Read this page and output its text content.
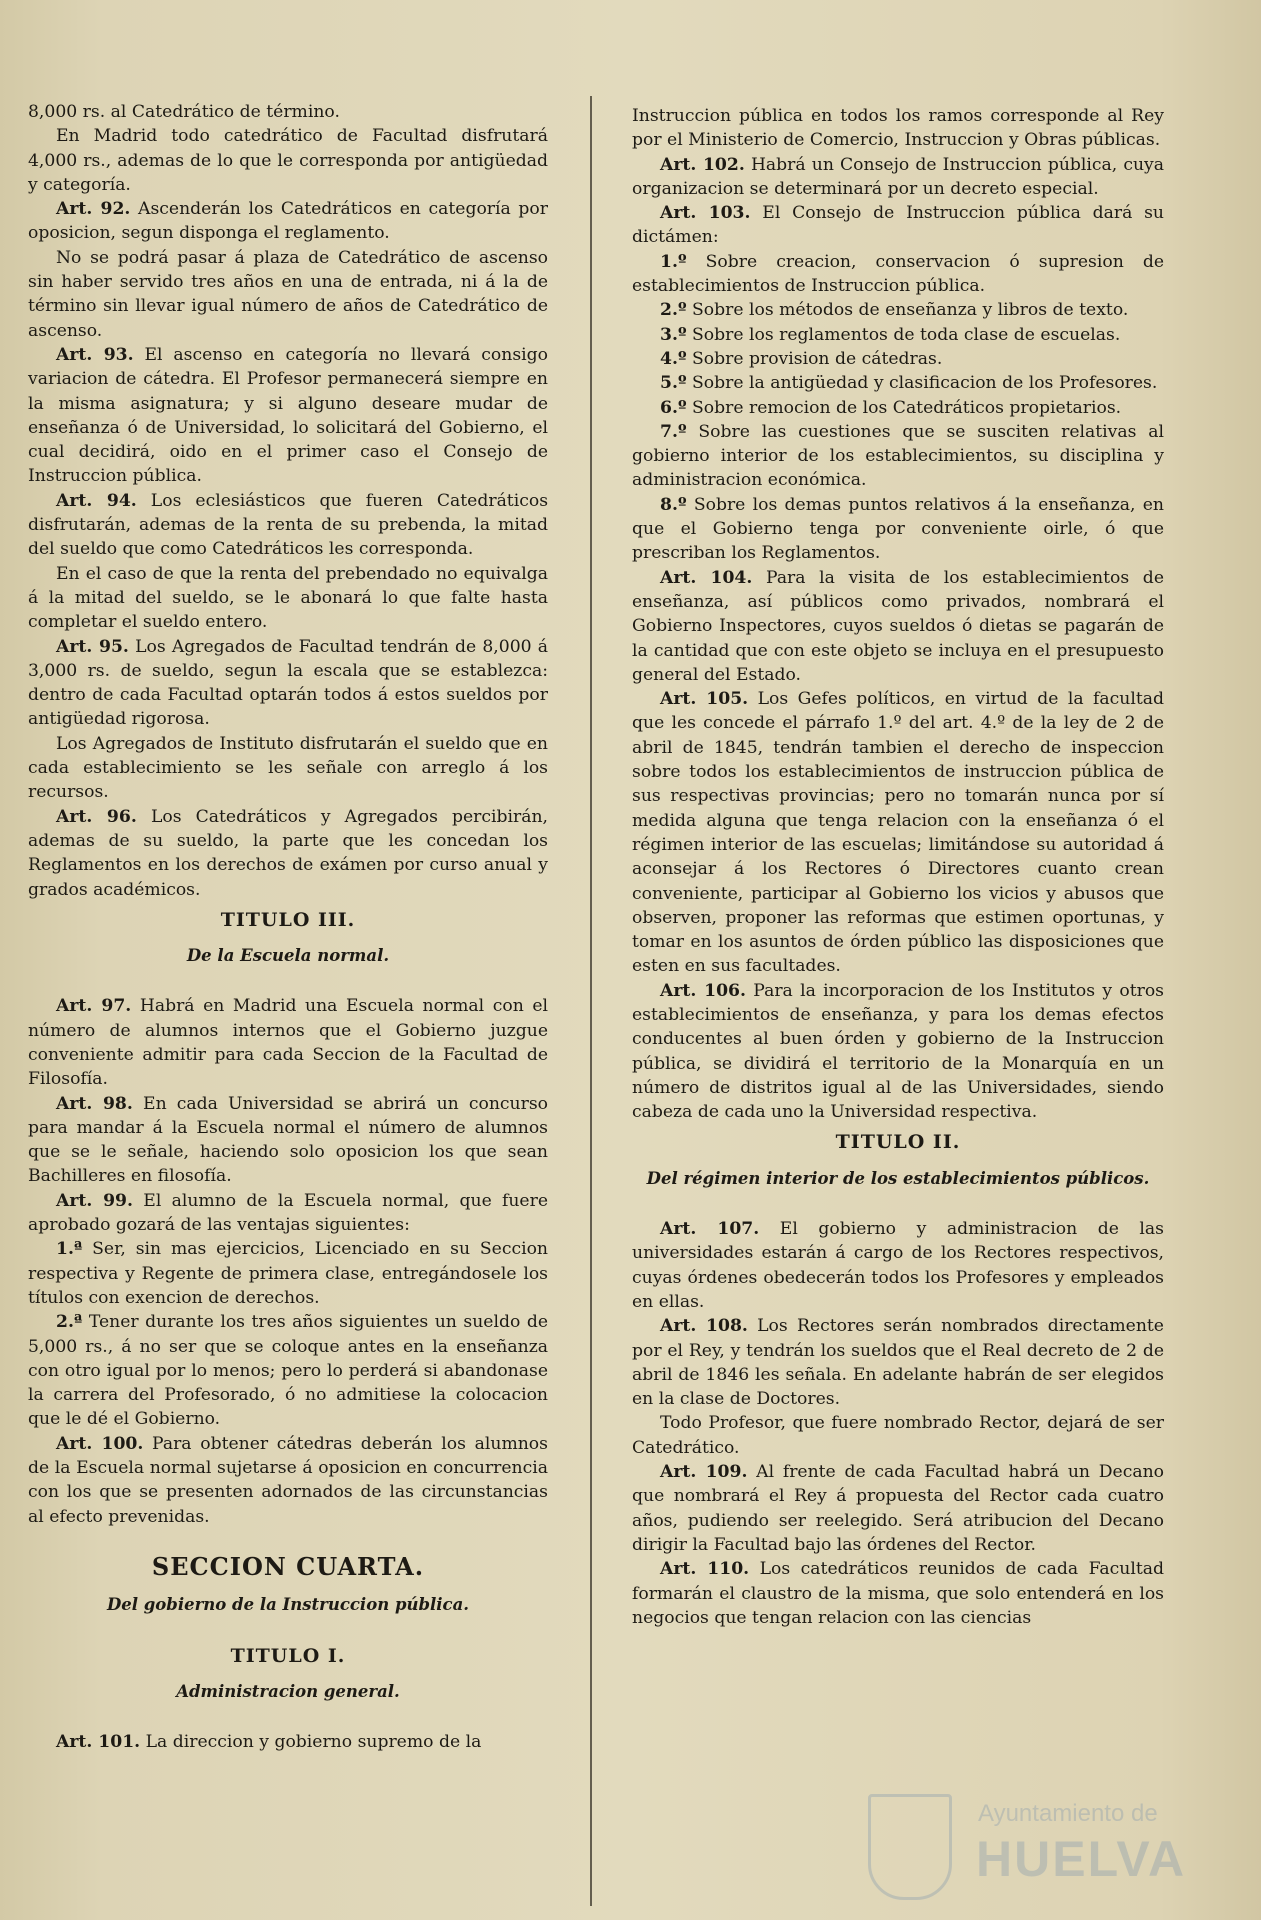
8,000 rs. al Catedrático de término.
En Madrid todo catedrático de Facultad disfrutará 4,000 rs., ademas de lo que le corresponda por antigüedad y categoría.
Art. 92. Ascenderán los Catedráticos en categoría por oposicion, segun disponga el reglamento.
No se podrá pasar á plaza de Catedrático de ascenso sin haber servido tres años en una de entrada, ni á la de término sin llevar igual número de años de Catedrático de ascenso.
Art. 93. El ascenso en categoría no llevará consigo variacion de cátedra. El Profesor permanecerá siempre en la misma asignatura; y si alguno deseare mudar de enseñanza ó de Universidad, lo solicitará del Gobierno, el cual decidirá, oido en el primer caso el Consejo de Instruccion pública.
Art. 94. Los eclesiásticos que fueren Catedráticos disfrutarán, ademas de la renta de su prebenda, la mitad del sueldo que como Catedráticos les corresponda.
En el caso de que la renta del prebendado no equivalga á la mitad del sueldo, se le abonará lo que falte hasta completar el sueldo entero.
Art. 95. Los Agregados de Facultad tendrán de 8,000 á 3,000 rs. de sueldo, segun la escala que se establezca: dentro de cada Facultad optarán todos á estos sueldos por antigüedad rigorosa.
Los Agregados de Instituto disfrutarán el sueldo que en cada establecimiento se les señale con arreglo á los recursos.
Art. 96. Los Catedráticos y Agregados percibirán, ademas de su sueldo, la parte que les concedan los Reglamentos en los derechos de exámen por curso anual y grados académicos.
TITULO III.
De la Escuela normal.
Art. 97. Habrá en Madrid una Escuela normal con el número de alumnos internos que el Gobierno juzgue conveniente admitir para cada Seccion de la Facultad de Filosofía.
Art. 98. En cada Universidad se abrirá un concurso para mandar á la Escuela normal el número de alumnos que se le señale, haciendo solo oposicion los que sean Bachilleres en filosofía.
Art. 99. El alumno de la Escuela normal, que fuere aprobado gozará de las ventajas siguientes:
1.ª Ser, sin mas ejercicios, Licenciado en su Seccion respectiva y Regente de primera clase, entregándosele los títulos con exencion de derechos.
2.ª Tener durante los tres años siguientes un sueldo de 5,000 rs., á no ser que se coloque antes en la enseñanza con otro igual por lo menos; pero lo perderá si abandonase la carrera del Profesorado, ó no admitiese la colocacion que le dé el Gobierno.
Art. 100. Para obtener cátedras deberán los alumnos de la Escuela normal sujetarse á oposicion en concurrencia con los que se presenten adornados de las circunstancias al efecto prevenidas.
SECCION CUARTA.
Del gobierno de la Instruccion pública.
TITULO I.
Administracion general.
Art. 101. La direccion y gobierno supremo de la
Instruccion pública en todos los ramos corresponde al Rey por el Ministerio de Comercio, Instruccion y Obras públicas.
Art. 102. Habrá un Consejo de Instruccion pública, cuya organizacion se determinará por un decreto especial.
Art. 103. El Consejo de Instruccion pública dará su dictámen:
1.º Sobre creacion, conservacion ó supresion de establecimientos de Instruccion pública.
2.º Sobre los métodos de enseñanza y libros de texto.
3.º Sobre los reglamentos de toda clase de escuelas.
4.º Sobre provision de cátedras.
5.º Sobre la antigüedad y clasificacion de los Profesores.
6.º Sobre remocion de los Catedráticos propietarios.
7.º Sobre las cuestiones que se susciten relativas al gobierno interior de los establecimientos, su disciplina y administracion económica.
8.º Sobre los demas puntos relativos á la enseñanza, en que el Gobierno tenga por conveniente oirle, ó que prescriban los Reglamentos.
Art. 104. Para la visita de los establecimientos de enseñanza, así públicos como privados, nombrará el Gobierno Inspectores, cuyos sueldos ó dietas se pagarán de la cantidad que con este objeto se incluya en el presupuesto general del Estado.
Art. 105. Los Gefes políticos, en virtud de la facultad que les concede el párrafo 1.º del art. 4.º de la ley de 2 de abril de 1845, tendrán tambien el derecho de inspeccion sobre todos los establecimientos de instruccion pública de sus respectivas provincias; pero no tomarán nunca por sí medida alguna que tenga relacion con la enseñanza ó el régimen interior de las escuelas; limitándose su autoridad á aconsejar á los Rectores ó Directores cuanto crean conveniente, participar al Gobierno los vicios y abusos que observen, proponer las reformas que estimen oportunas, y tomar en los asuntos de órden público las disposiciones que esten en sus facultades.
Art. 106. Para la incorporacion de los Institutos y otros establecimientos de enseñanza, y para los demas efectos conducentes al buen órden y gobierno de la Instruccion pública, se dividirá el territorio de la Monarquía en un número de distritos igual al de las Universidades, siendo cabeza de cada uno la Universidad respectiva.
TITULO II.
Del régimen interior de los establecimientos públicos.
Art. 107. El gobierno y administracion de las universidades estarán á cargo de los Rectores respectivos, cuyas órdenes obedecerán todos los Profesores y empleados en ellas.
Art. 108. Los Rectores serán nombrados directamente por el Rey, y tendrán los sueldos que el Real decreto de 2 de abril de 1846 les señala. En adelante habrán de ser elegidos en la clase de Doctores.
Todo Profesor, que fuere nombrado Rector, dejará de ser Catedrático.
Art. 109. Al frente de cada Facultad habrá un Decano que nombrará el Rey á propuesta del Rector cada cuatro años, pudiendo ser reelegido. Será atribucion del Decano dirigir la Facultad bajo las órdenes del Rector.
Art. 110. Los catedráticos reunidos de cada Facultad formarán el claustro de la misma, que solo entenderá en los negocios que tengan relacion con las ciencias
Ayuntamiento de
HUELVA
